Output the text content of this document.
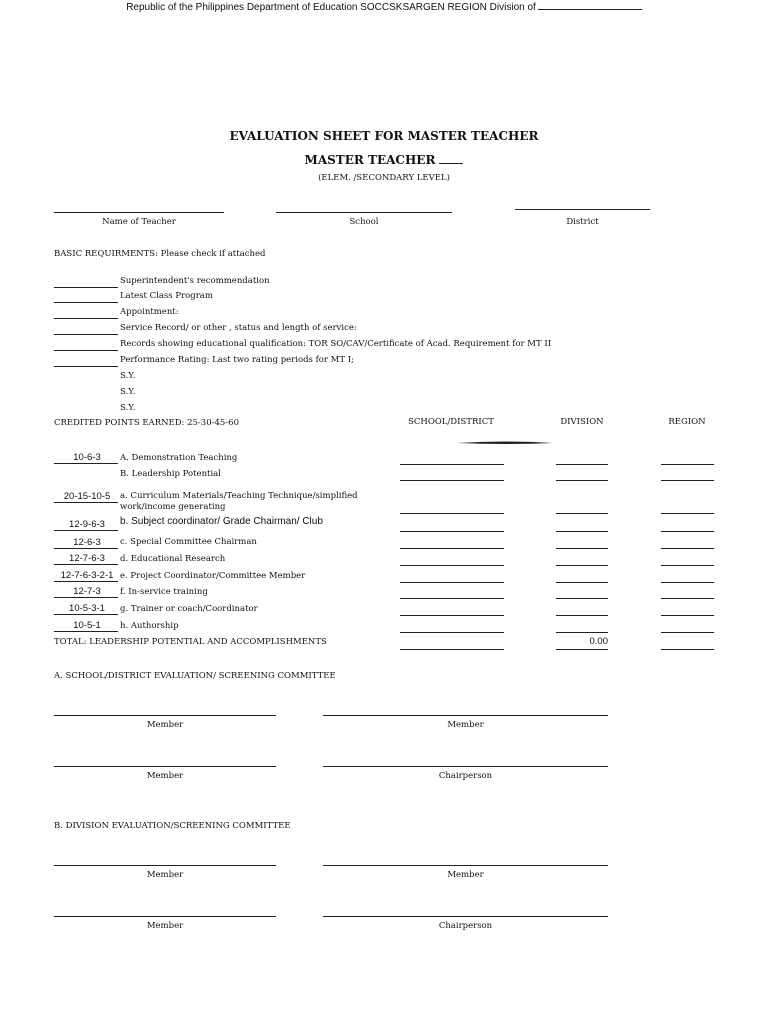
Republic of the Philippines Department of Education SOCCSKSARGEN REGION Division of
EVALUATION SHEET FOR MASTER TEACHER
MASTER TEACHER
(ELEM. /SECONDARY LEVEL)
Name of Teacher	School	District
BASIC REQUIRMENTS: Please check if attached
Superintendent's recommendation
Latest Class Program
Appointment:
Service Record/ or other , status and length of service:
Records showing educational qualification: TOR SO/CAV/Certificate of Acad. Requirement for MT II
Performance Rating: Last two rating periods for MT I;
S.Y.
S.Y.
S.Y.
CREDITED POINTS EARNED: 25-30-45-60	SCHOOL/DISTRICT	DIVISION	REGION
10-6-3	A. Demonstration Teaching
B. Leadership Potential
20-15-10-5	a. Curriculum Materials/Teaching Technique/simplified
work/income generating
12-9-6-3	b. Subject coordinator/ Grade Chairman/ Club
12-6-3	c. Special Committee Chairman
12-7-6-3	d. Educational Research
12-7-6-3-2-1 e. Project Coordinator/Committee Member
12-7-3	f. In-service training
10-5-3-1	g. Trainer or coach/Coordinator
10-5-1	h. Authorship
TOTAL: LEADERSHIP POTENTIAL AND ACCOMPLISHMENTS	0.00
A. SCHOOL/DISTRICT EVALUATION/ SCREENING COMMITTEE
Member	Member
Member	Chairperson
B. DIVISION EVALUATION/SCREENING COMMITTEE
Member	Member
Member	Chairperson
